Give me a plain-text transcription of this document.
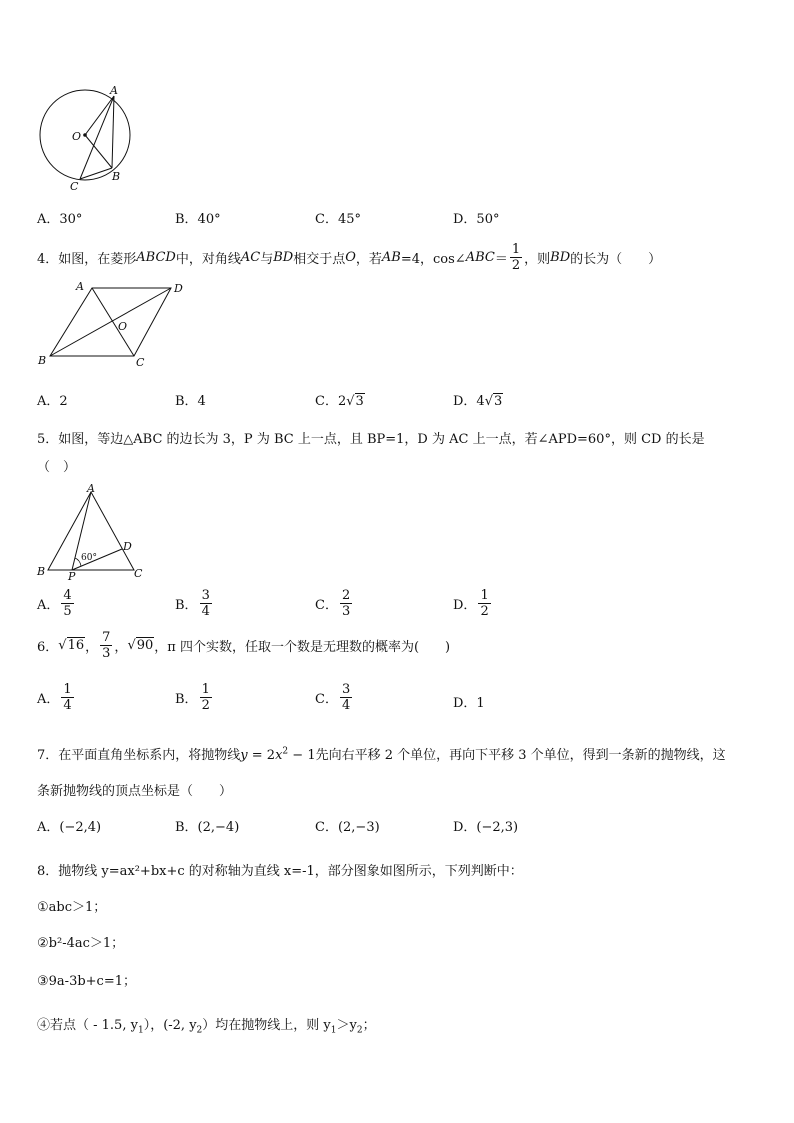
A
O
C
B
A．30°	B．40°	C．45°	D．50°
4．如图，在菱形 ABCD 中，对角线 AC 与 BD 相交于点 O ，若 AB =4，cos∠ ABC ＝ $\frac{1}{2}$ ，则 BD 的长为（　　）
A	D
O
B	C
A．2	B．4	C．2√3	D．4√3
5．如图，等边△ABC 的边长为 3，P 为 BC 上一点，且 BP=1，D 为 AC 上一点，若∠APD=60°，则 CD 的长是
（　）
A
D
B P	C
60°
A． $\frac{4}{5}$	B． $\frac{3}{4}$	C． $\frac{2}{3}$	D． $\frac{1}{2}$
6． √16 ， $\frac{7}{3}$ ， √90 ，π 四个实数，任取一个数是无理数的概率为(　　)
A． $\frac{1}{4}$	B． $\frac{1}{2}$	C． $\frac{3}{4}$	D．1
7．在平面直角坐标系内，将抛物线$y = 2x^2 - 1$先向右平移 2 个单位，再向下平移 3 个单位，得到一条新的抛物线，这
条新抛物线的顶点坐标是（　　）
A．(−2,4)	B．(2,−4)	C．(2,−3)	D．(−2,3)
8．抛物线 y=ax²+bx+c 的对称轴为直线 x=-1，部分图象如图所示，下列判断中：
①abc＞1；
②b²-4ac＞1；
③9a-3b+c=1；
④若点（ - 1.5, $y_1$），(-2, $y_2$）均在抛物线上，则 $y_1>y_2$；
